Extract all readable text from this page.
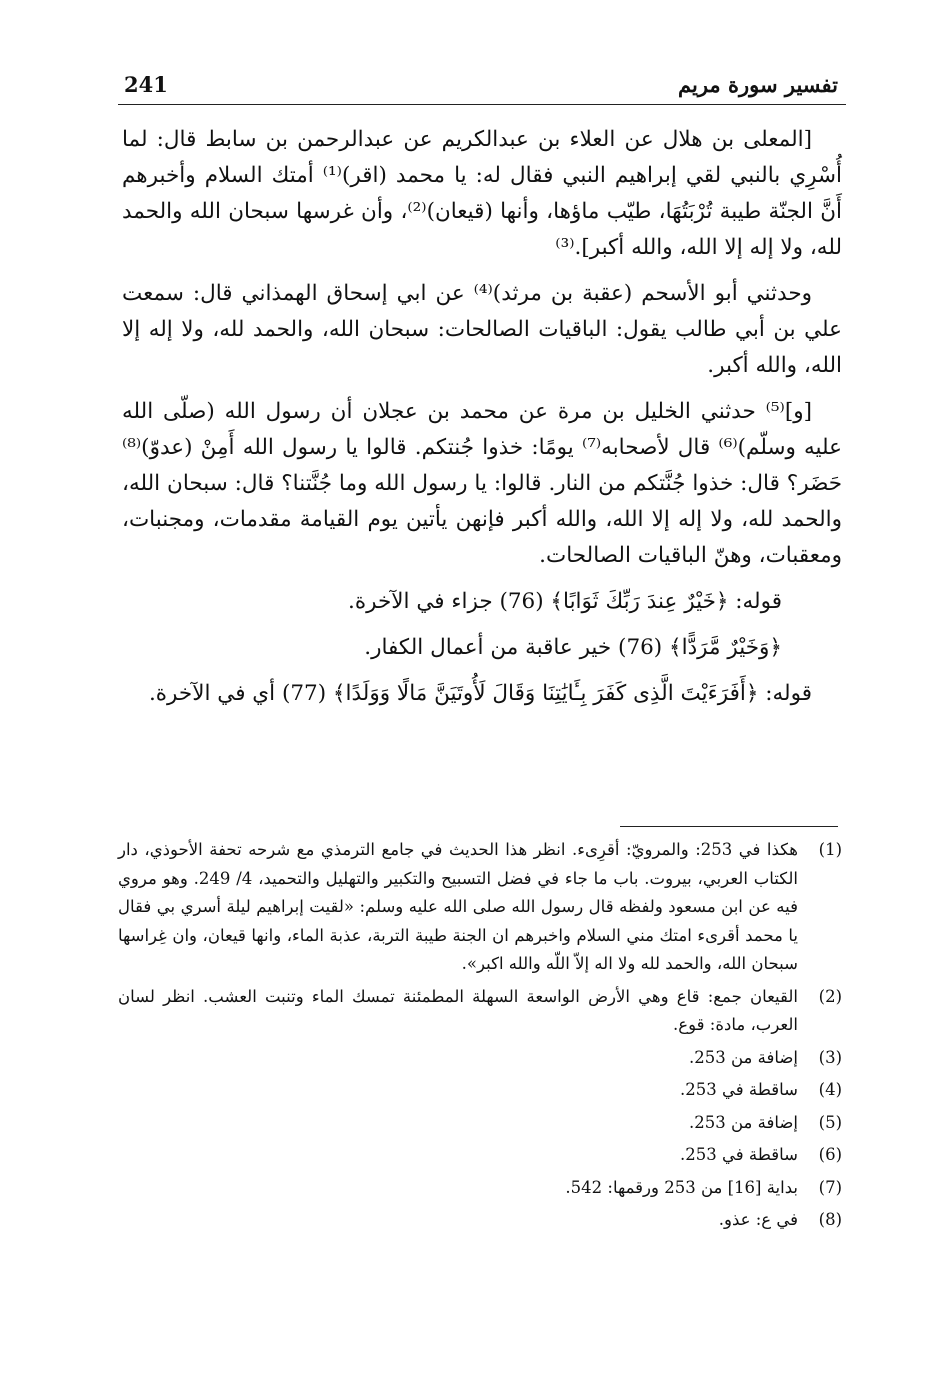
تفسير سورة مريم
241

[المعلى بن هلال عن العلاء بن عبدالكريم عن عبدالرحمن بن سابط قال: لما أُسْرِي بالنبي لقي إبراهيم النبي فقال له: يا محمد (اقر)⁽¹⁾ أمتك السلام وأخبرهم أَنَّ الجنّة طيبة تُرْبَتُهَا، طيّب ماؤها، وأنها (قيعان)⁽²⁾، وأن غرسها سبحان الله والحمد لله، ولا إله إلا الله، والله أكبر].⁽³⁾

وحدثني أبو الأسحم (عقبة بن مرثد)⁽⁴⁾ عن ابي إسحاق الهمذاني قال: سمعت علي بن أبي طالب يقول: الباقيات الصالحات: سبحان الله، والحمد لله، ولا إله إلا الله، والله أكبر.

[و]⁽⁵⁾ حدثني الخليل بن مرة عن محمد بن عجلان أن رسول الله (صلّى الله عليه وسلّم)⁽⁶⁾ قال لأصحابه⁽⁷⁾ يومًا: خذوا جُنتكم. قالوا يا رسول الله أَمِنْ (عدوّ)⁽⁸⁾ حَضَر؟ قال: خذوا جُنَّتكم من النار. قالوا: يا رسول الله وما جُنَّتنا؟ قال: سبحان الله، والحمد لله، ولا إله إلا الله، والله أكبر فإنهن يأتين يوم القيامة مقدمات، ومجنبات، ومعقبات، وهنّ الباقيات الصالحات.

قوله: ﴿خَيْرٌ عِندَ رَبِّكَ ثَوَابًا﴾ (76) جزاء في الآخرة.

﴿وَخَيْرٌ مَّرَدًّا﴾ (76) خير عاقبة من أعمال الكفار.

قوله: ﴿أَفَرَءَيْتَ الَّذِى كَفَرَ بِـَٔايَٰتِنَا وَقَالَ لَأُوتَيَنَّ مَالًا وَوَلَدًا﴾ (77) أي في الآخرة.

(1)
هكذا في 253: والمرويّ: أقرِىء. انظر هذا الحديث في جامع الترمذي مع شرحه تحفة الأحوذي، دار الكتاب العربي، بيروت. باب ما جاء في فضل التسبيح والتكبير والتهليل والتحميد، 4/ 249. وهو مروي فيه عن ابن مسعود ولفظه قال رسول الله صلى الله عليه وسلم: «لقيت إبراهيم ليلة أسري بي فقال يا محمد أقرىء امتك مني السلام واخبرهم ان الجنة طيبة التربة، عذبة الماء، وانها قيعان، وان غِراسها سبحان الله، والحمد لله ولا اله إلاّ اللّه والله اكبر».
(2)
القيعان جمع: قاع وهي الأرض الواسعة السهلة المطمئنة تمسك الماء وتنبت العشب. انظر لسان العرب، مادة: قوع.
(3)
إضافة من 253.
(4)
ساقطة في 253.
(5)
إضافة من 253.
(6)
ساقطة في 253.
(7)
بداية [16] من 253 ورقمها: 542.
(8)
في ع: عذو.
